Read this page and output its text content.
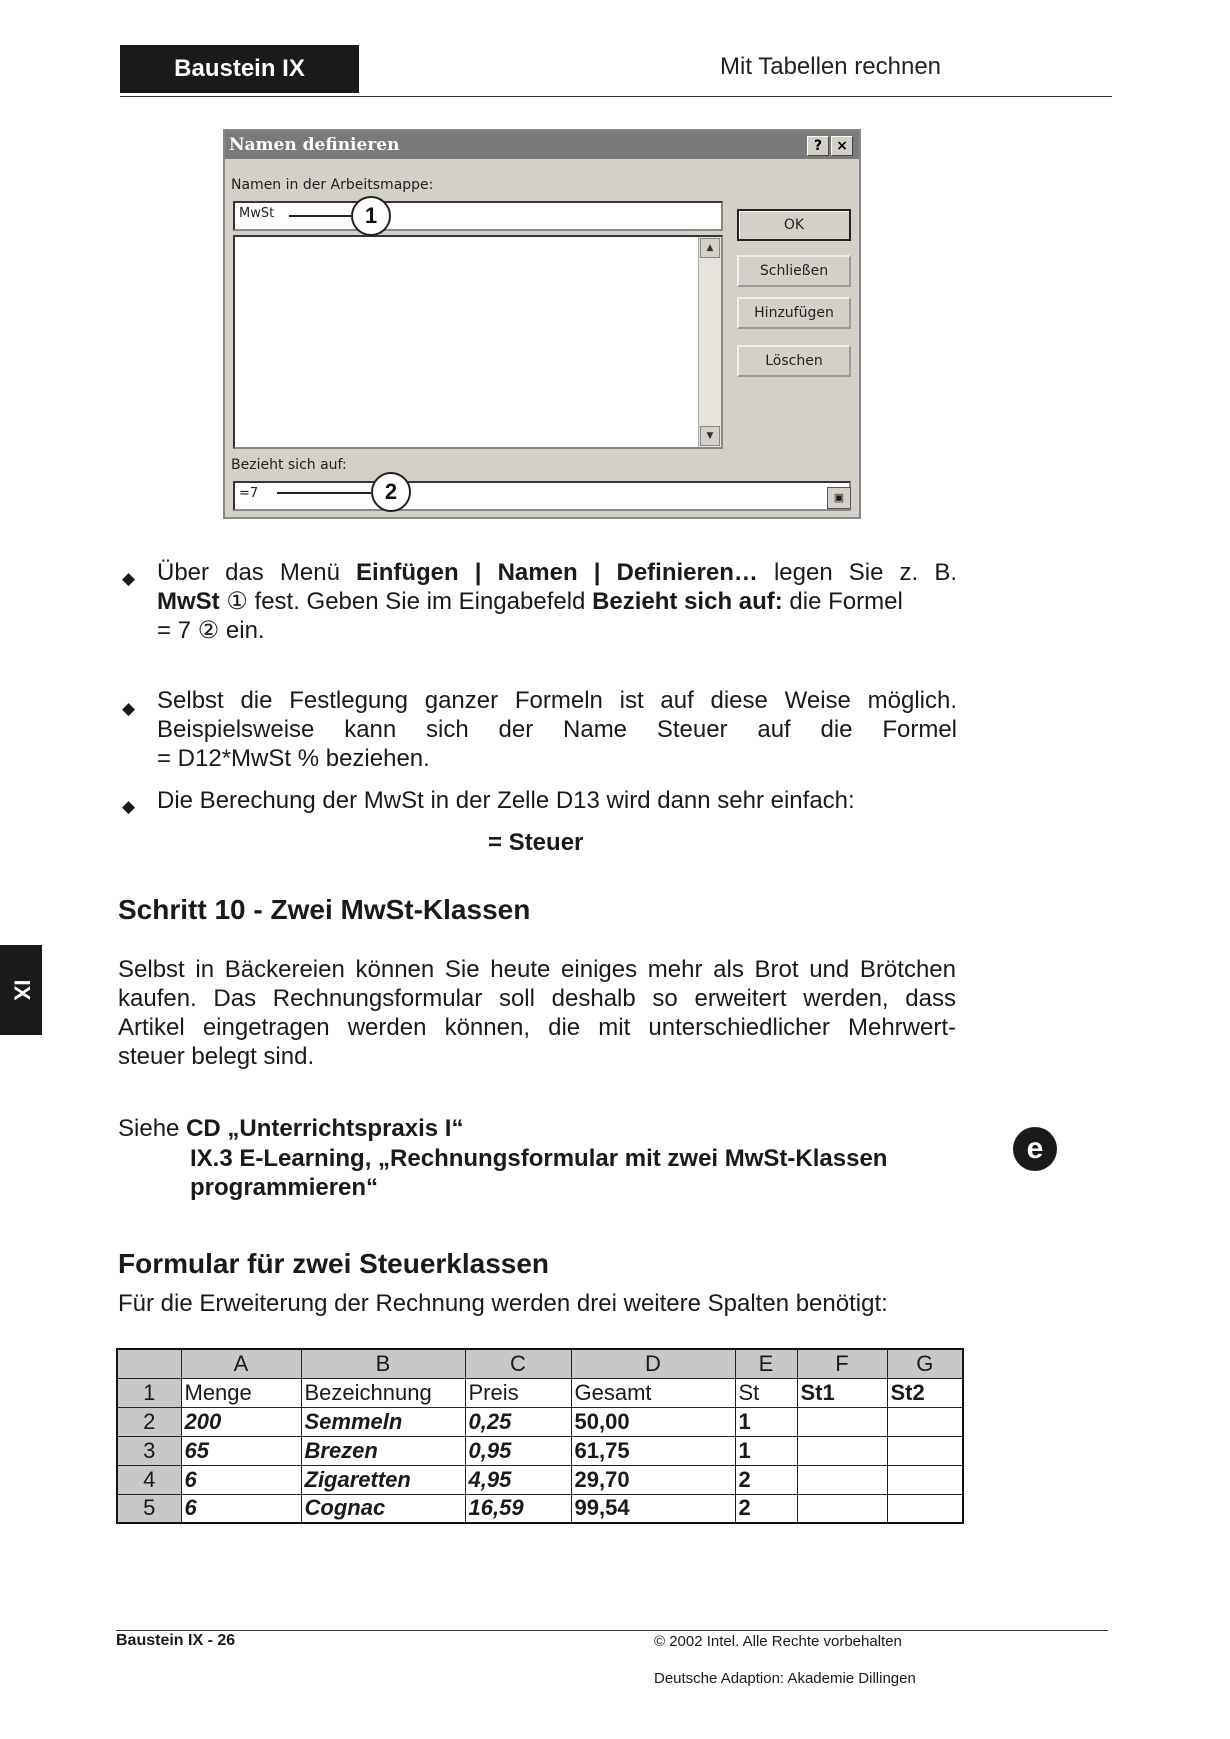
Baustein IX	Mit Tabellen rechnen
Namen definieren	?	×
Namen in der Arbeitsmappe:
MwSt
▲
▼
Bezieht sich auf:
=7	▣
OK
Schließen
Hinzufügen
Löschen
1
2
◆ Über das Menü Einfügen | Namen | Definieren… legen Sie z. B.
MwSt ① fest. Geben Sie im Eingabefeld Bezieht sich auf: die Formel
= 7 ② ein.
◆ Selbst die Festlegung ganzer Formeln ist auf diese Weise möglich.
Beispielsweise kann sich der Name Steuer auf die Formel
= D12*MwSt % beziehen.
◆ Die Berechung der MwSt in der Zelle D13 wird dann sehr einfach:
= Steuer
Schritt 10 - Zwei MwSt-Klassen
Selbst in Bäckereien können Sie heute einiges mehr als Brot und Brötchen
kaufen. Das Rechnungsformular soll deshalb so erweitert werden, dass
Artikel eingetragen werden können, die mit unterschiedlicher Mehrwert-
steuer belegt sind.
IX
Siehe CD „Unterrichtspraxis I“
IX.3 E-Learning, „Rechnungsformular mit zwei MwSt-Klassen
programmieren“
e
Formular für zwei Steuerklassen
Für die Erweiterung der Rechnung werden drei weitere Spalten benötigt:
	A	B	C	D	E	F	G
1	Menge	Bezeichnung	Preis	Gesamt	St	St1	St2
2	200	Semmeln	0,25	50,00	1		
3	65	Brezen	0,95	61,75	1		
4	6	Zigaretten	4,95	29,70	2		
5	6	Cognac	16,59	99,54	2		
Baustein IX - 26	© 2002 Intel. Alle Rechte vorbehalten
Deutsche Adaption: Akademie Dillingen
